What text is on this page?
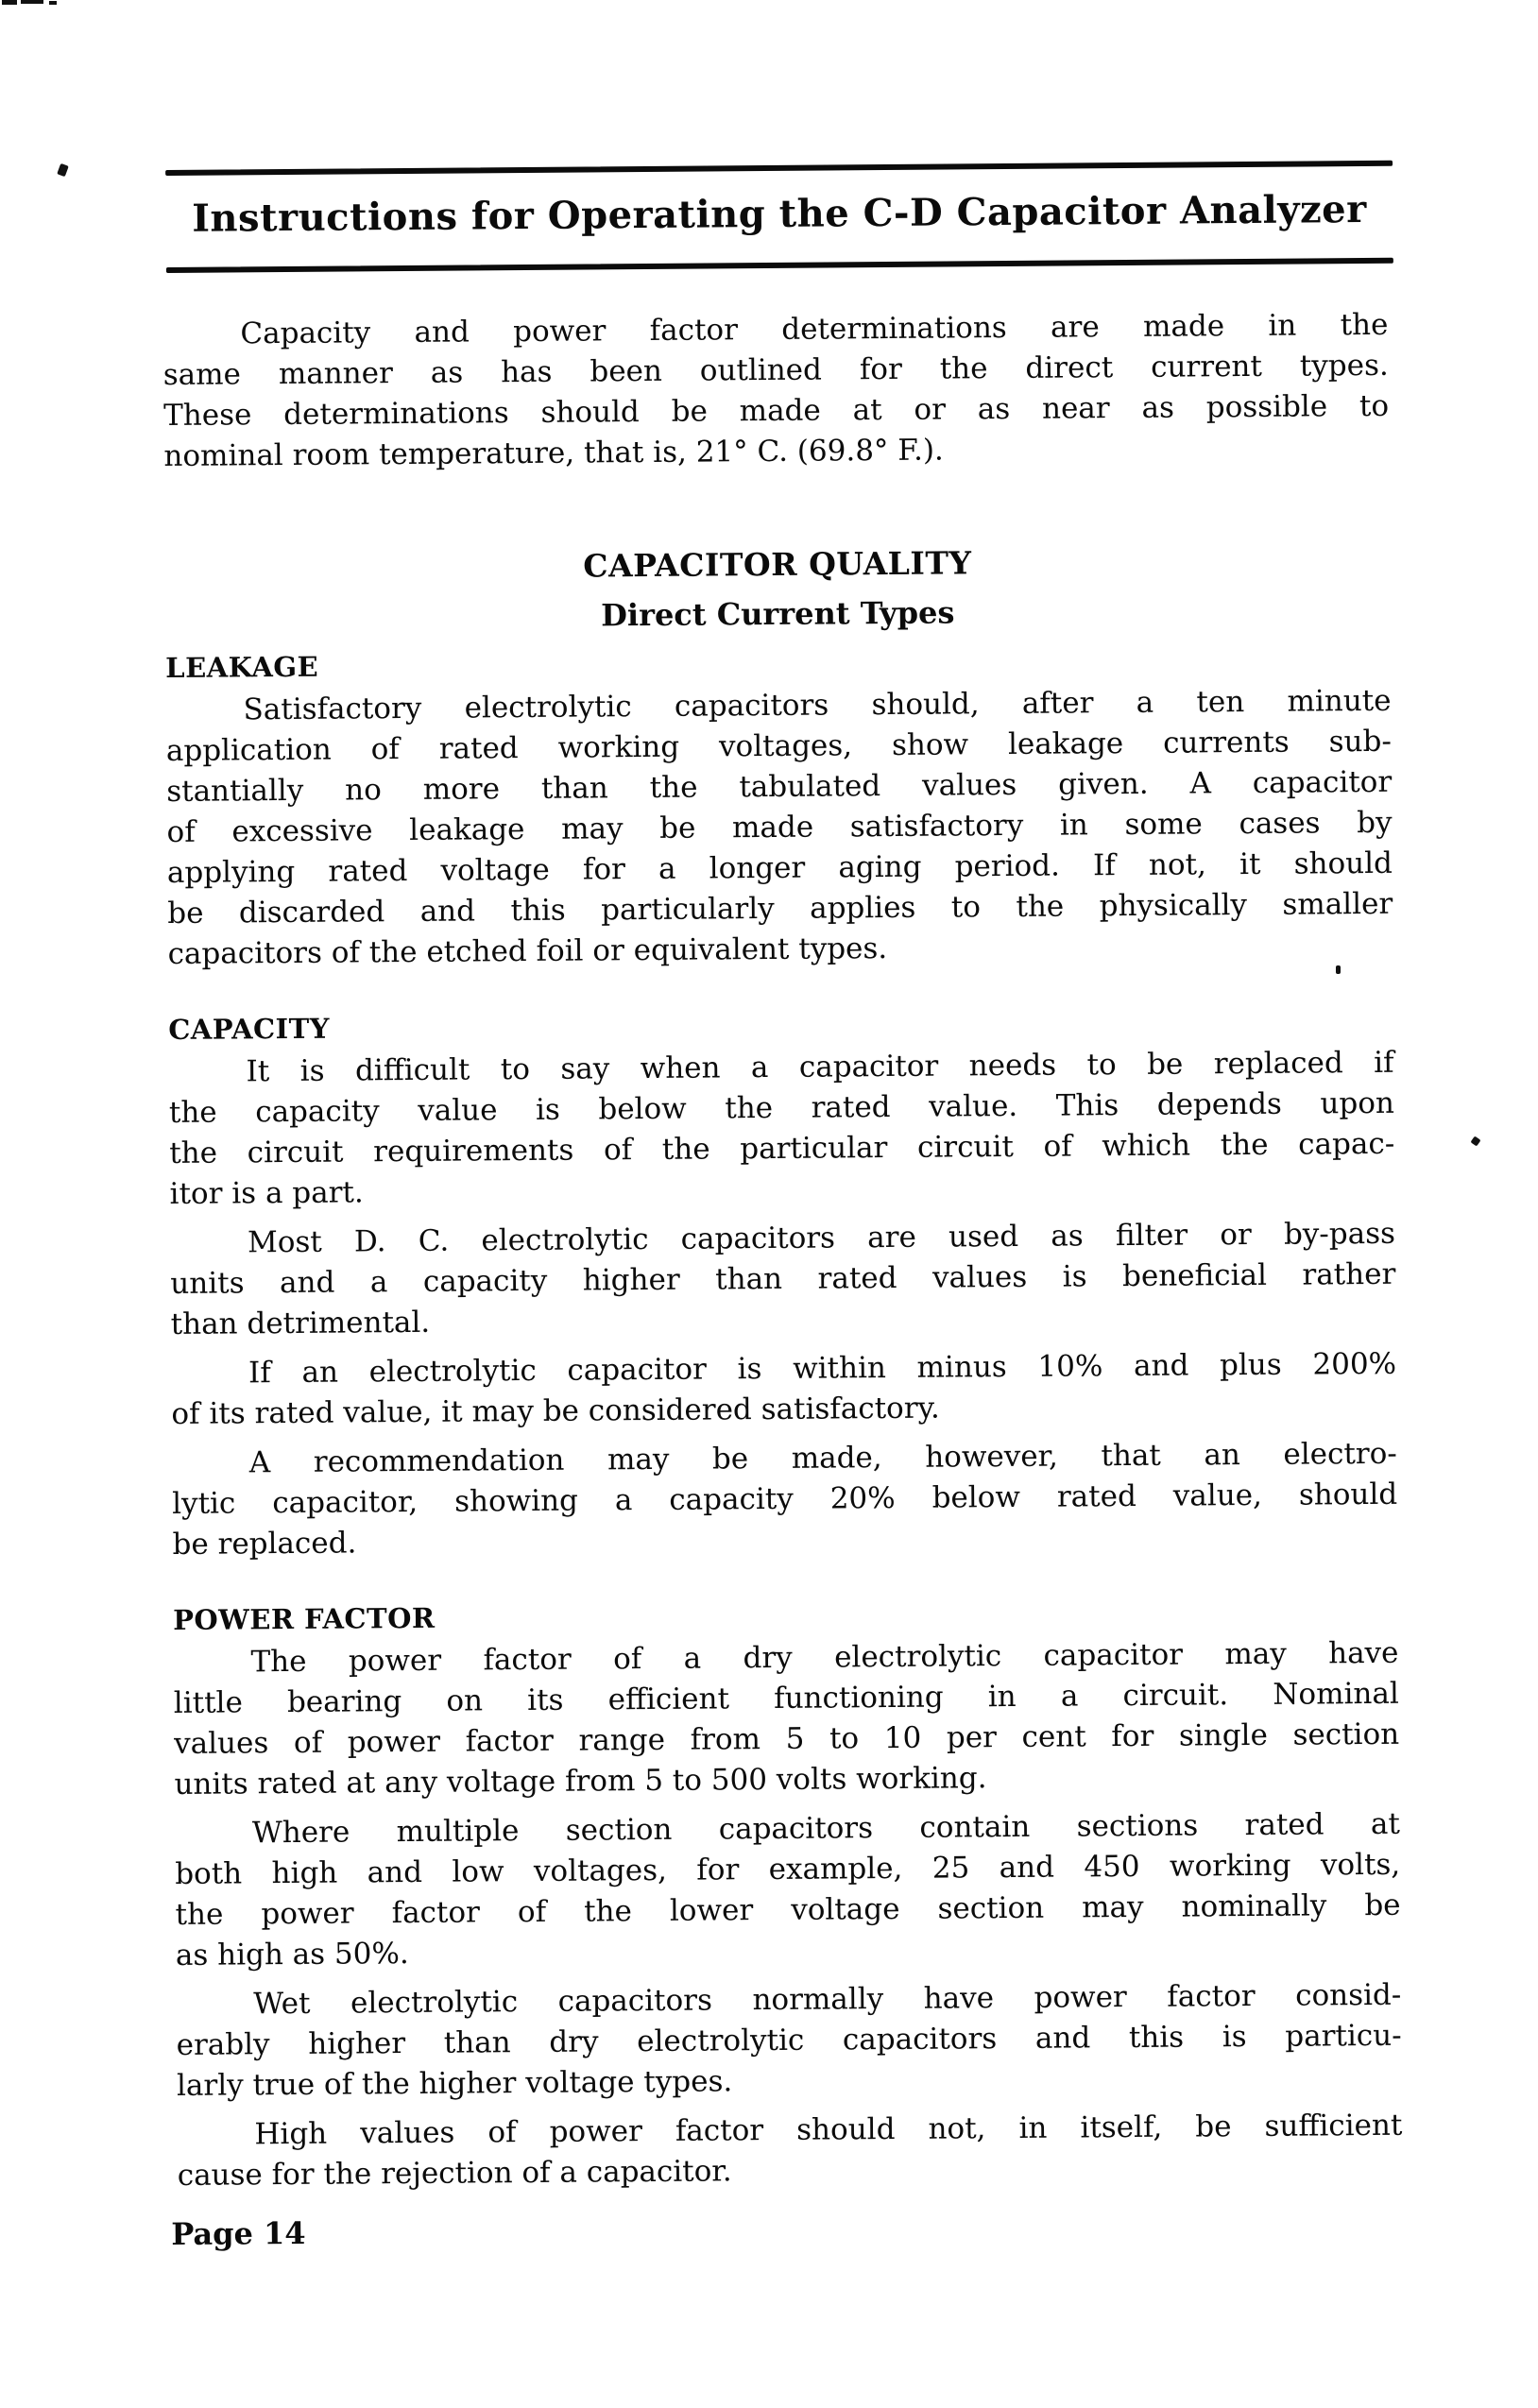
Instructions for Operating the C-D Capacitor Analyzer
Capacity and power factor determinations are made in the
same manner as has been outlined for the direct current types.
These determinations should be made at or as near as possible to
nominal room temperature, that is, 21° C. (69.8° F.).
CAPACITOR QUALITY
Direct Current Types
LEAKAGE
Satisfactory electrolytic capacitors should, after a ten minute
application of rated working voltages, show leakage currents sub-
stantially no more than the tabulated values given. A capacitor
of excessive leakage may be made satisfactory in some cases by
applying rated voltage for a longer aging period. If not, it should
be discarded and this particularly applies to the physically smaller
capacitors of the etched foil or equivalent types.
CAPACITY
It is difficult to say when a capacitor needs to be replaced if
the capacity value is below the rated value. This depends upon
the circuit requirements of the particular circuit of which the capac-
itor is a part.
Most D. C. electrolytic capacitors are used as filter or by-pass
units and a capacity higher than rated values is beneficial rather
than detrimental.
If an electrolytic capacitor is within minus 10% and plus 200%
of its rated value, it may be considered satisfactory.
A recommendation may be made, however, that an electro-
lytic capacitor, showing a capacity 20% below rated value, should
be replaced.
POWER FACTOR
The power factor of a dry electrolytic capacitor may have
little bearing on its efficient functioning in a circuit. Nominal
values of power factor range from 5 to 10 per cent for single section
units rated at any voltage from 5 to 500 volts working.
Where multiple section capacitors contain sections rated at
both high and low voltages, for example, 25 and 450 working volts,
the power factor of the lower voltage section may nominally be
as high as 50%.
Wet electrolytic capacitors normally have power factor consid-
erably higher than dry electrolytic capacitors and this is particu-
larly true of the higher voltage types.
High values of power factor should not, in itself, be sufficient
cause for the rejection of a capacitor.
Page 14
